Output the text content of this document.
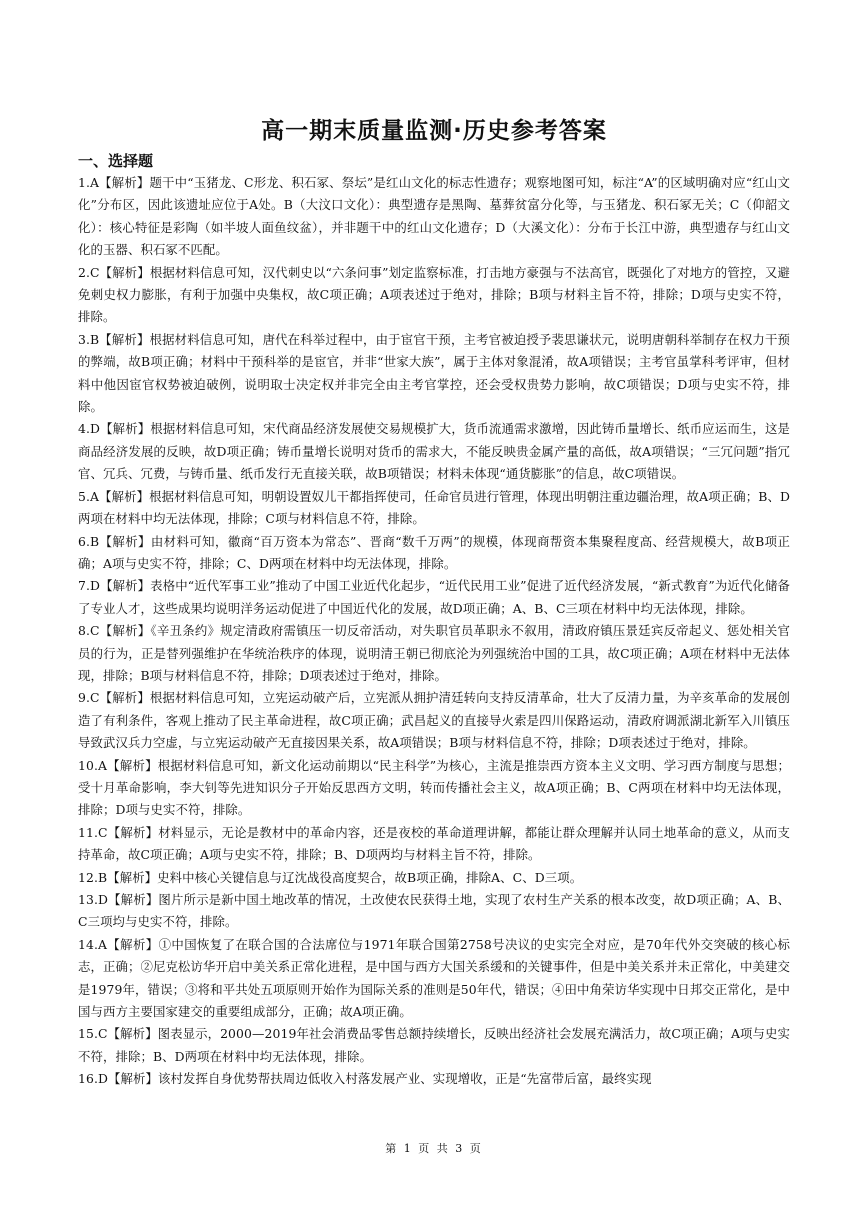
高一期末质量监测·历史参考答案
一、选择题

1.A【解析】题干中“玉猪龙、C形龙、积石冢、祭坛”是红山文化的标志性遗存；观察地图可知，标注“A”的区域明确对应“红山文化”分布区，因此该遗址应位于A处。B（大汶口文化）：典型遗存是黑陶、墓葬贫富分化等，与玉猪龙、积石冢无关；C（仰韶文化）：核心特征是彩陶（如半坡人面鱼纹盆），并非题干中的红山文化遗存；D（大溪文化）：分布于长江中游，典型遗存与红山文化的玉器、积石冢不匹配。

2.C【解析】根据材料信息可知，汉代刺史以“六条问事”划定监察标准，打击地方豪强与不法高官，既强化了对地方的管控，又避免刺史权力膨胀，有利于加强中央集权，故C项正确；A项表述过于绝对，排除；B项与材料主旨不符，排除；D项与史实不符，排除。

3.B【解析】根据材料信息可知，唐代在科举过程中，由于宦官干预，主考官被迫授予裴思谦状元，说明唐朝科举制存在权力干预的弊端，故B项正确；材料中干预科举的是宦官，并非“世家大族”，属于主体对象混淆，故A项错误；主考官虽掌科考评审，但材料中他因宦官权势被迫破例，说明取士决定权并非完全由主考官掌控，还会受权贵势力影响，故C项错误；D项与史实不符，排除。

4.D【解析】根据材料信息可知，宋代商品经济发展使交易规模扩大，货币流通需求激增，因此铸币量增长、纸币应运而生，这是商品经济发展的反映，故D项正确；铸币量增长说明对货币的需求大，不能反映贵金属产量的高低，故A项错误；“三冗问题”指冗官、冗兵、冗费，与铸币量、纸币发行无直接关联，故B项错误；材料未体现“通货膨胀”的信息，故C项错误。

5.A【解析】根据材料信息可知，明朝设置奴儿干都指挥使司，任命官员进行管理，体现出明朝注重边疆治理，故A项正确；B、D两项在材料中均无法体现，排除；C项与材料信息不符，排除。

6.B【解析】由材料可知，徽商“百万资本为常态”、晋商“数千万两”的规模，体现商帮资本集聚程度高、经营规模大，故B项正确；A项与史实不符，排除；C、D两项在材料中均无法体现，排除。

7.D【解析】表格中“近代军事工业”推动了中国工业近代化起步，“近代民用工业”促进了近代经济发展，“新式教育”为近代化储备了专业人才，这些成果均说明洋务运动促进了中国近代化的发展，故D项正确；A、B、C三项在材料中均无法体现，排除。

8.C【解析】《辛丑条约》规定清政府需镇压一切反帝活动，对失职官员革职永不叙用，清政府镇压景廷宾反帝起义、惩处相关官员的行为，正是替列强维护在华统治秩序的体现，说明清王朝已彻底沦为列强统治中国的工具，故C项正确；A项在材料中无法体现，排除；B项与材料信息不符，排除；D项表述过于绝对，排除。

9.C【解析】根据材料信息可知，立宪运动破产后，立宪派从拥护清廷转向支持反清革命，壮大了反清力量，为辛亥革命的发展创造了有利条件，客观上推动了民主革命进程，故C项正确；武昌起义的直接导火索是四川保路运动，清政府调派湖北新军入川镇压导致武汉兵力空虚，与立宪运动破产无直接因果关系，故A项错误；B项与材料信息不符，排除；D项表述过于绝对，排除。

10.A【解析】根据材料信息可知，新文化运动前期以“民主科学”为核心，主流是推崇西方资本主义文明、学习西方制度与思想；受十月革命影响，李大钊等先进知识分子开始反思西方文明，转而传播社会主义，故A项正确；B、C两项在材料中均无法体现，排除；D项与史实不符，排除。

11.C【解析】材料显示，无论是教材中的革命内容，还是夜校的革命道理讲解，都能让群众理解并认同土地革命的意义，从而支持革命，故C项正确；A项与史实不符，排除；B、D项两均与材料主旨不符，排除。

12.B【解析】史料中核心关键信息与辽沈战役高度契合，故B项正确，排除A、C、D三项。

13.D【解析】图片所示是新中国土地改革的情况，土改使农民获得土地，实现了农村生产关系的根本改变，故D项正确；A、B、C三项均与史实不符，排除。

14.A【解析】①中国恢复了在联合国的合法席位与1971年联合国第2758号决议的史实完全对应，是70年代外交突破的核心标志，正确；②尼克松访华开启中美关系正常化进程，是中国与西方大国关系缓和的关键事件，但是中美关系并未正常化，中美建交是1979年，错误；③将和平共处五项原则开始作为国际关系的准则是50年代，错误；④田中角荣访华实现中日邦交正常化，是中国与西方主要国家建交的重要组成部分，正确；故A项正确。

15.C【解析】图表显示，2000—2019年社会消费品零售总额持续增长，反映出经济社会发展充满活力，故C项正确；A项与史实不符，排除；B、D两项在材料中均无法体现，排除。

16.D【解析】该村发挥自身优势帮扶周边低收入村落发展产业、实现增收，正是“先富带后富，最终实现

第 1 页 共 3 页
